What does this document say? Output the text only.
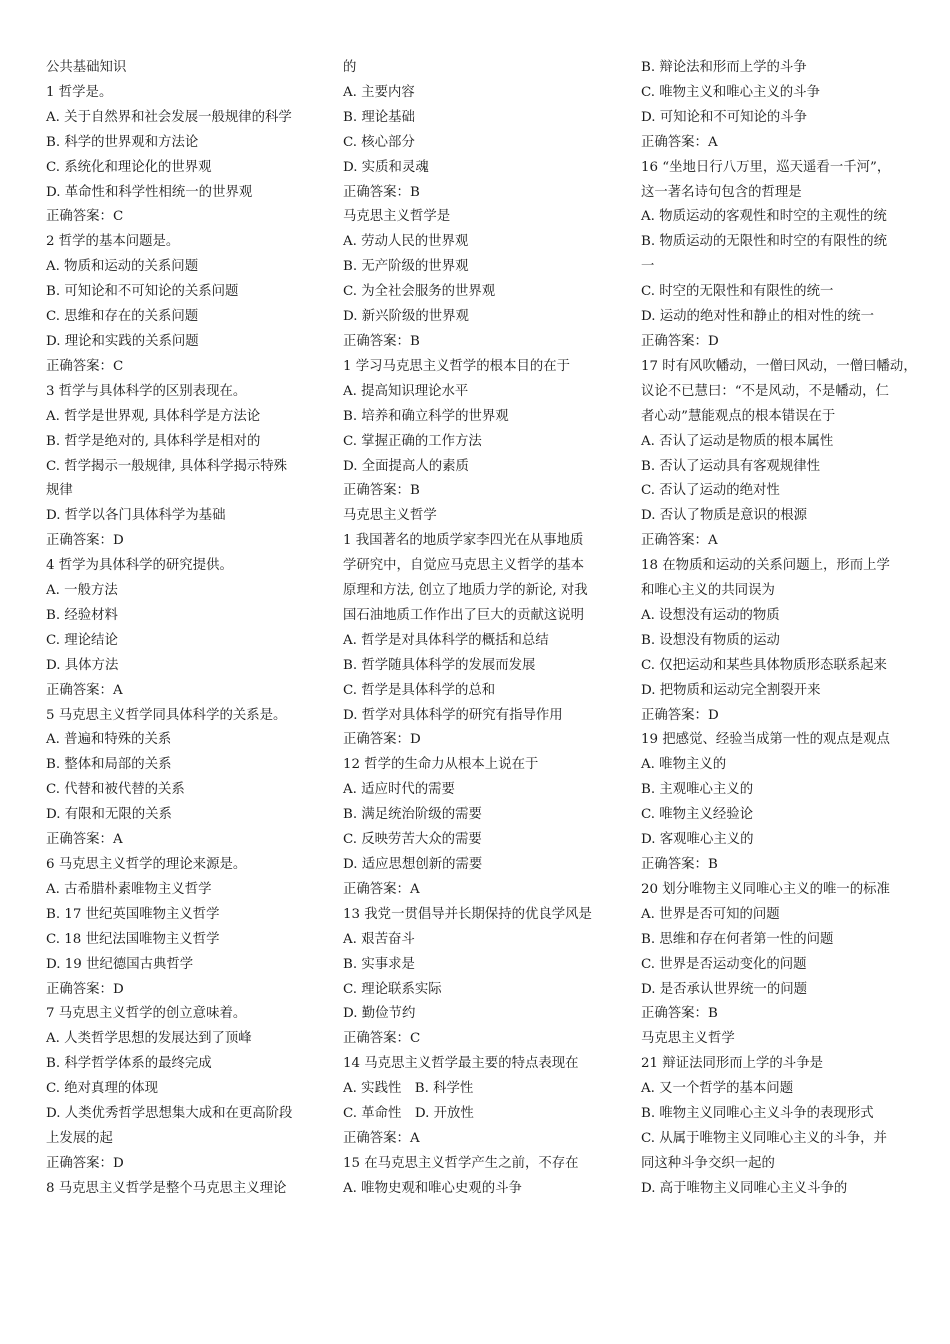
公共基础知识
1 哲学是。
A. 关于自然界和社会发展一般规律的科学
B. 科学的世界观和方法论
C. 系统化和理论化的世界观
D. 革命性和科学性相统一的世界观
正确答案：C
2 哲学的基本问题是。
A. 物质和运动的关系问题
B. 可知论和不可知论的关系问题
C. 思维和存在的关系问题
D. 理论和实践的关系问题
正确答案：C
3 哲学与具体科学的区别表现在。
A. 哲学是世界观, 具体科学是方法论
B. 哲学是绝对的, 具体科学是相对的
C. 哲学揭示一般规律, 具体科学揭示特殊
规律
D. 哲学以各门具体科学为基础
正确答案：D
4 哲学为具体科学的研究提供。
A. 一般方法
B. 经验材料
C. 理论结论
D. 具体方法
正确答案：A
5 马克思主义哲学同具体科学的关系是。
A. 普遍和特殊的关系
B. 整体和局部的关系
C. 代替和被代替的关系
D. 有限和无限的关系
正确答案：A
6 马克思主义哲学的理论来源是。
A. 古希腊朴素唯物主义哲学
B. 17 世纪英国唯物主义哲学
C. 18 世纪法国唯物主义哲学
D. 19 世纪德国古典哲学
正确答案：D
7 马克思主义哲学的创立意味着。
A. 人类哲学思想的发展达到了顶峰
B. 科学哲学体系的最终完成
C. 绝对真理的体现
D. 人类优秀哲学思想集大成和在更高阶段
上发展的起
正确答案：D
8 马克思主义哲学是整个马克思主义理论
的
A. 主要内容
B. 理论基础
C. 核心部分
D. 实质和灵魂
正确答案：B
马克思主义哲学是
A. 劳动人民的世界观
B. 无产阶级的世界观
C. 为全社会服务的世界观
D. 新兴阶级的世界观
正确答案：B
1 学习马克思主义哲学的根本目的在于
A. 提高知识理论水平
B. 培养和确立科学的世界观
C. 掌握正确的工作方法
D. 全面提高人的素质
正确答案：B
马克思主义哲学
1 我国著名的地质学家李四光在从事地质
学研究中，自觉应马克思主义哲学的基本
原理和方法, 创立了地质力学的新论, 对我
国石油地质工作作出了巨大的贡献这说明
A. 哲学是对具体科学的概括和总结
B. 哲学随具体科学的发展而发展
C. 哲学是具体科学的总和
D. 哲学对具体科学的研究有指导作用
正确答案：D
12 哲学的生命力从根本上说在于
A. 适应时代的需要
B. 满足统治阶级的需要
C. 反映劳苦大众的需要
D. 适应思想创新的需要
正确答案：A
13 我党一贯倡导并长期保持的优良学风是
A. 艰苦奋斗
B. 实事求是
C. 理论联系实际
D. 勤俭节约
正确答案：C
14 马克思主义哲学最主要的特点表现在
A. 实践性　B. 科学性
C. 革命性　D. 开放性
正确答案：A
15 在马克思主义哲学产生之前，不存在
A. 唯物史观和唯心史观的斗争
B. 辩论法和形而上学的斗争
C. 唯物主义和唯心主义的斗争
D. 可知论和不可知论的斗争
正确答案：A
16 “坐地日行八万里，巡天遥看一千河”，
这一著名诗句包含的哲理是
A. 物质运动的客观性和时空的主观性的统
B. 物质运动的无限性和时空的有限性的统
一
C. 时空的无限性和有限性的统一
D. 运动的绝对性和静止的相对性的统一
正确答案：D
17 时有风吹幡动，一僧曰风动，一僧曰幡动，
议论不已慧曰：“不是风动，不是幡动，仁
者心动”慧能观点的根本错误在于
A. 否认了运动是物质的根本属性
B. 否认了运动具有客观规律性
C. 否认了运动的绝对性
D. 否认了物质是意识的根源
正确答案：A
18 在物质和运动的关系问题上，形而上学
和唯心主义的共同误为
A. 设想没有运动的物质
B. 设想没有物质的运动
C. 仅把运动和某些具体物质形态联系起来
D. 把物质和运动完全割裂开来
正确答案：D
19 把感觉、经验当成第一性的观点是观点
A. 唯物主义的
B. 主观唯心主义的
C. 唯物主义经验论
D. 客观唯心主义的
正确答案：B
20 划分唯物主义同唯心主义的唯一的标准
A. 世界是否可知的问题
B. 思维和存在何者第一性的问题
C. 世界是否运动变化的问题
D. 是否承认世界统一的问题
正确答案：B
马克思主义哲学
21 辩证法同形而上学的斗争是
A. 又一个哲学的基本问题
B. 唯物主义同唯心主义斗争的表现形式
C. 从属于唯物主义同唯心主义的斗争，并
同这种斗争交织一起的
D. 高于唯物主义同唯心主义斗争的
